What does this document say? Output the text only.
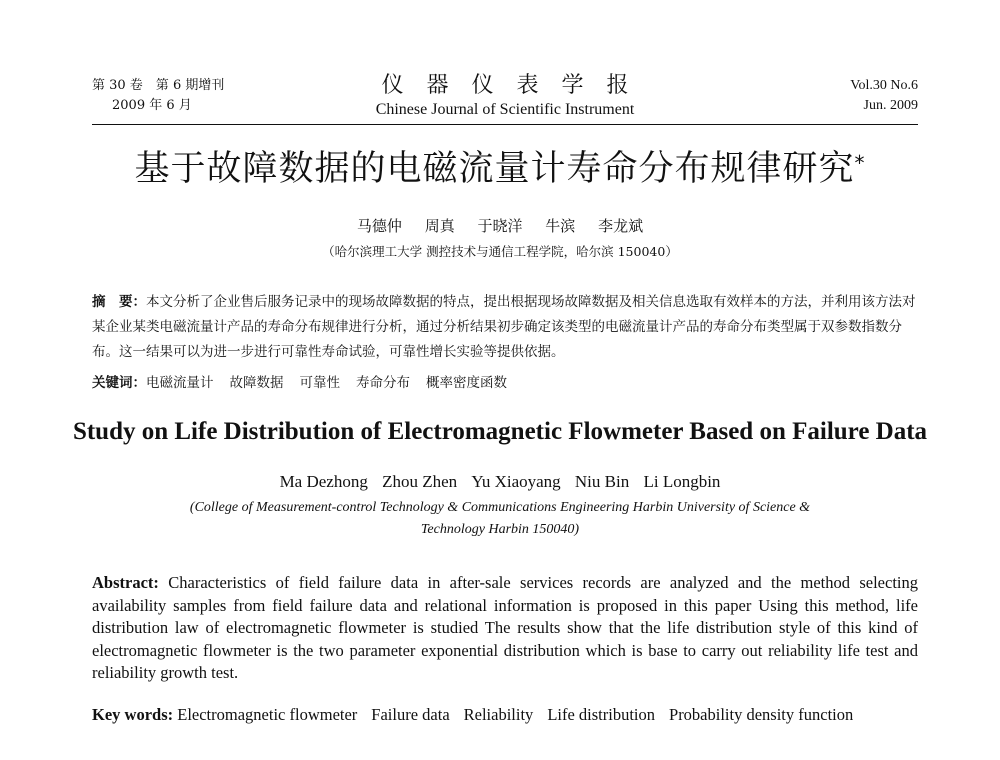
第 30 卷　第 6 期增刊
2009 年 6 月
仪器仪表学报
Chinese Journal of Scientific Instrument
Vol.30 No.6
Jun. 2009
基于故障数据的电磁流量计寿命分布规律研究*
马德仲 周真 于晓洋 牛滨 李龙斌
（哈尔滨理工大学 测控技术与通信工程学院，哈尔滨 150040）
摘　要：本文分析了企业售后服务记录中的现场故障数据的特点，提出根据现场故障数据及相关信息选取有效样本的方法，并利用该方法对某企业某类电磁流量计产品的寿命分布规律进行分析，通过分析结果初步确定该类型的电磁流量计产品的寿命分布类型属于双参数指数分布。这一结果可以为进一步进行可靠性寿命试验，可靠性增长实验等提供依据。
关键词：电磁流量计 故障数据 可靠性 寿命分布 概率密度函数
Study on Life Distribution of Electromagnetic Flowmeter Based on Failure Data
Ma Dezhong Zhou Zhen Yu Xiaoyang Niu Bin Li Longbin
(College of Measurement-control Technology & Communications Engineering Harbin University of Science & Technology Harbin 150040)
Abstract: Characteristics of field failure data in after-sale services records are analyzed and the method selecting availability samples from field failure data and relational information is proposed in this paper Using this method, life distribution law of electromagnetic flowmeter is studied The results show that the life distribution style of this kind of electromagnetic flowmeter is the two parameter exponential distribution which is base to carry out reliability life test and reliability growth test.
Key words: Electromagnetic flowmeter Failure data Reliability Life distribution Probability density function
